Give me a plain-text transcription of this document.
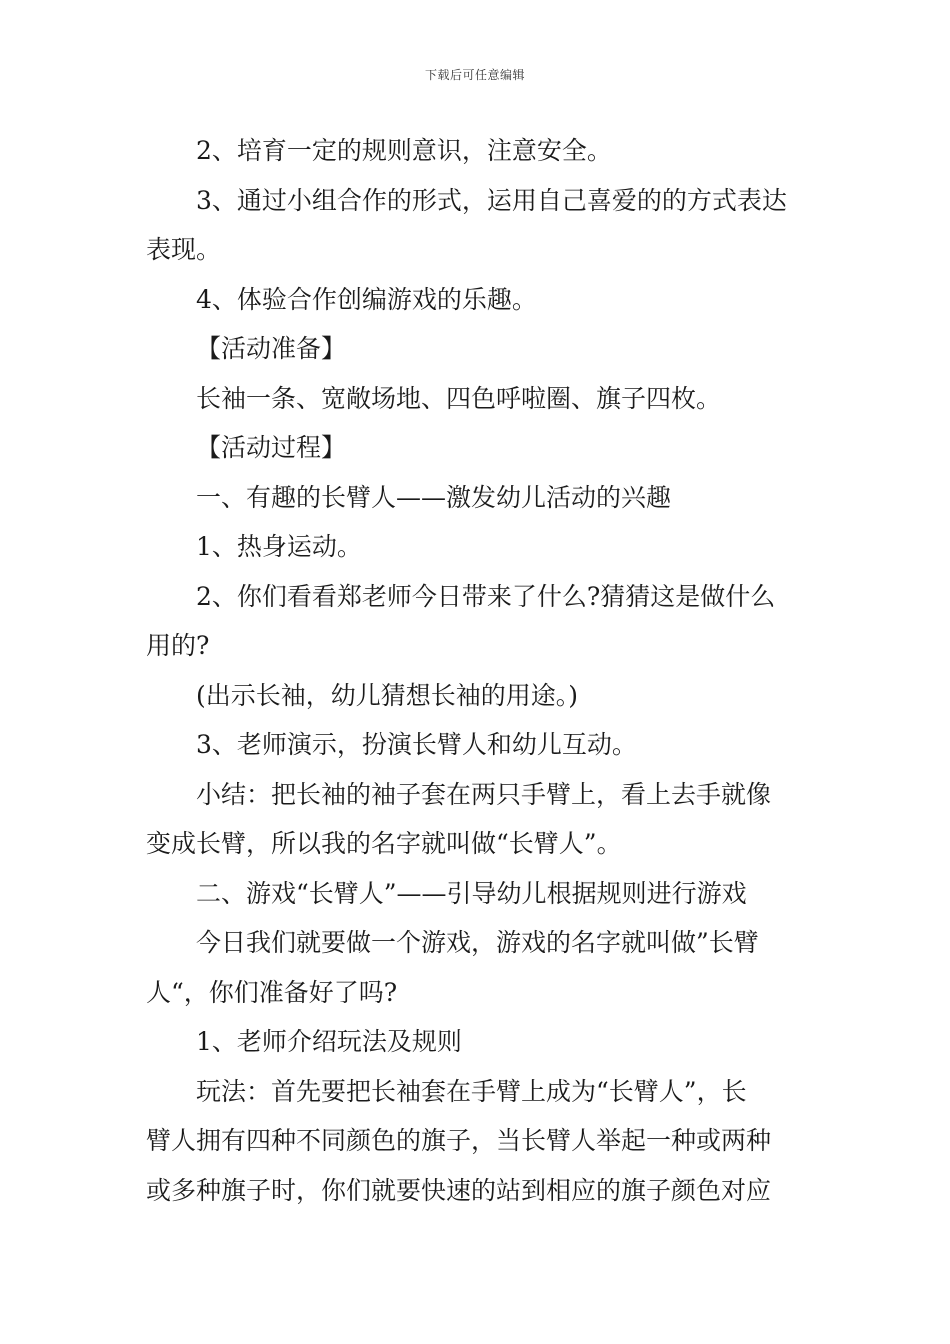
下载后可任意编辑
2、培育一定的规则意识，注意安全。
3、通过小组合作的形式，运用自己喜爱的的方式表达
表现。
4、体验合作创编游戏的乐趣。
【活动准备】
长袖一条、宽敞场地、四色呼啦圈、旗子四枚。
【活动过程】
一、有趣的长臂人——激发幼儿活动的兴趣
1、热身运动。
2、你们看看郑老师今日带来了什么?猜猜这是做什么
用的?
(出示长袖，幼儿猜想长袖的用途。)
3、老师演示，扮演长臂人和幼儿互动。
小结：把长袖的袖子套在两只手臂上，看上去手就像
变成长臂，所以我的名字就叫做“长臂人”。
二、游戏“长臂人”——引导幼儿根据规则进行游戏
今日我们就要做一个游戏，游戏的名字就叫做”长臂
人“，你们准备好了吗?
1、老师介绍玩法及规则
玩法：首先要把长袖套在手臂上成为“长臂人”，长
臂人拥有四种不同颜色的旗子，当长臂人举起一种或两种
或多种旗子时，你们就要快速的站到相应的旗子颜色对应
